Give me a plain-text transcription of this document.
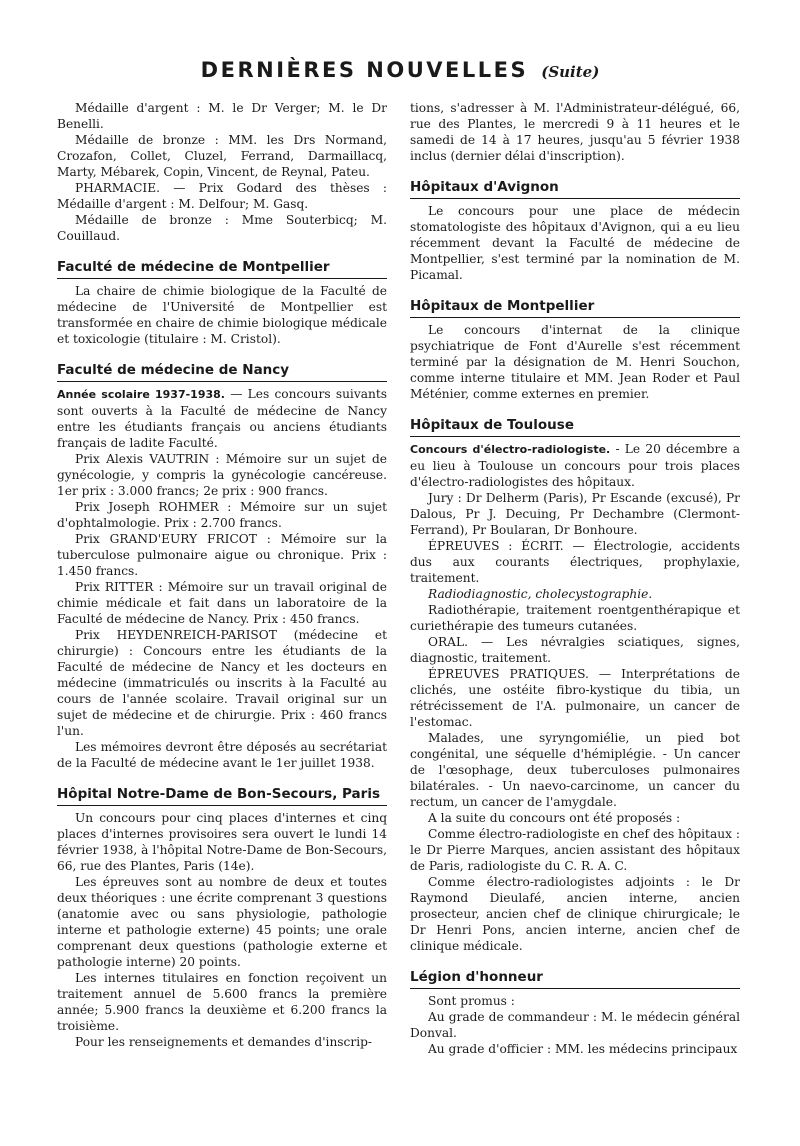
DERNIÈRES NOUVELLES (Suite)

Médaille d'argent : M. le Dr Verger; M. le Dr Benelli.

Médaille de bronze : MM. les Drs Normand, Crozafon, Collet, Cluzel, Ferrand, Darmaillacq, Marty, Mébarek, Copin, Vincent, de Reynal, Pateu.

PHARMACIE. — Prix Godard des thèses : Médaille d'argent : M. Delfour; M. Gasq.

Médaille de bronze : Mme Souterbicq; M. Couillaud.

Faculté de médecine de Montpellier

La chaire de chimie biologique de la Faculté de médecine de l'Université de Montpellier est transformée en chaire de chimie biologique médicale et toxicologie (titulaire : M. Cristol).

Faculté de médecine de Nancy

Année scolaire 1937-1938. — Les concours suivants sont ouverts à la Faculté de médecine de Nancy entre les étudiants français ou anciens étudiants français de ladite Faculté.

Prix Alexis VAUTRIN : Mémoire sur un sujet de gynécologie, y compris la gynécologie cancéreuse. 1er prix : 3.000 francs; 2e prix : 900 francs.

Prix Joseph ROHMER : Mémoire sur un sujet d'ophtalmologie. Prix : 2.700 francs.

Prix GRAND'EURY FRICOT : Mémoire sur la tuberculose pulmonaire aigue ou chronique. Prix : 1.450 francs.

Prix RITTER : Mémoire sur un travail original de chimie médicale et fait dans un laboratoire de la Faculté de médecine de Nancy. Prix : 450 francs.

Prix HEYDENREICH-PARISOT (médecine et chirurgie) : Concours entre les étudiants de la Faculté de médecine de Nancy et les docteurs en médecine (immatriculés ou inscrits à la Faculté au cours de l'année scolaire. Travail original sur un sujet de médecine et de chirurgie. Prix : 460 francs l'un.

Les mémoires devront être déposés au secrétariat de la Faculté de médecine avant le 1er juillet 1938.

Hôpital Notre-Dame de Bon-Secours, Paris

Un concours pour cinq places d'internes et cinq places d'internes provisoires sera ouvert le lundi 14 février 1938, à l'hôpital Notre-Dame de Bon-Secours, 66, rue des Plantes, Paris (14e).

Les épreuves sont au nombre de deux et toutes deux théoriques : une écrite comprenant 3 questions (anatomie avec ou sans physiologie, pathologie interne et pathologie externe) 45 points; une orale comprenant deux questions (pathologie externe et pathologie interne) 20 points.

Les internes titulaires en fonction reçoivent un traitement annuel de 5.600 francs la première année; 5.900 francs la deuxième et 6.200 francs la troisième.

Pour les renseignements et demandes d'inscrip-

tions, s'adresser à M. l'Administrateur-délégué, 66, rue des Plantes, le mercredi 9 à 11 heures et le samedi de 14 à 17 heures, jusqu'au 5 février 1938 inclus (dernier délai d'inscription).

Hôpitaux d'Avignon

Le concours pour une place de médecin stomatologiste des hôpitaux d'Avignon, qui a eu lieu récemment devant la Faculté de médecine de Montpellier, s'est terminé par la nomination de M. Picamal.

Hôpitaux de Montpellier

Le concours d'internat de la clinique psychiatrique de Font d'Aurelle s'est récemment terminé par la désignation de M. Henri Souchon, comme interne titulaire et MM. Jean Roder et Paul Méténier, comme externes en premier.

Hôpitaux de Toulouse

Concours d'électro-radiologiste. - Le 20 décembre a eu lieu à Toulouse un concours pour trois places d'électro-radiologistes des hôpitaux.

Jury : Dr Delherm (Paris), Pr Escande (excusé), Pr Dalous, Pr J. Decuing, Pr Dechambre (Clermont-Ferrand), Pr Boularan, Dr Bonhoure.

ÉPREUVES : ÉCRIT. — Électrologie, accidents dus aux courants électriques, prophylaxie, traitement.

Radiodiagnostic, cholecystographie.

Radiothérapie, traitement roentgenthérapique et curiethérapie des tumeurs cutanées.

ORAL. — Les névralgies sciatiques, signes, diagnostic, traitement.

ÉPREUVES PRATIQUES. — Interprétations de clichés, une ostéite fibro-kystique du tibia, un rétrécissement de l'A. pulmonaire, un cancer de l'estomac.

Malades, une syryngomiélie, un pied bot congénital, une séquelle d'hémiplégie. - Un cancer de l'œsophage, deux tuberculoses pulmonaires bilatérales. - Un naevo-carcinome, un cancer du rectum, un cancer de l'amygdale.

A la suite du concours ont été proposés :

Comme électro-radiologiste en chef des hôpitaux : le Dr Pierre Marques, ancien assistant des hôpitaux de Paris, radiologiste du C. R. A. C.

Comme électro-radiologistes adjoints : le Dr Raymond Dieulafé, ancien interne, ancien prosecteur, ancien chef de clinique chirurgicale; le Dr Henri Pons, ancien interne, ancien chef de clinique médicale.

Légion d'honneur

Sont promus :

Au grade de commandeur : M. le médecin général Donval.

Au grade d'officier : MM. les médecins principaux
